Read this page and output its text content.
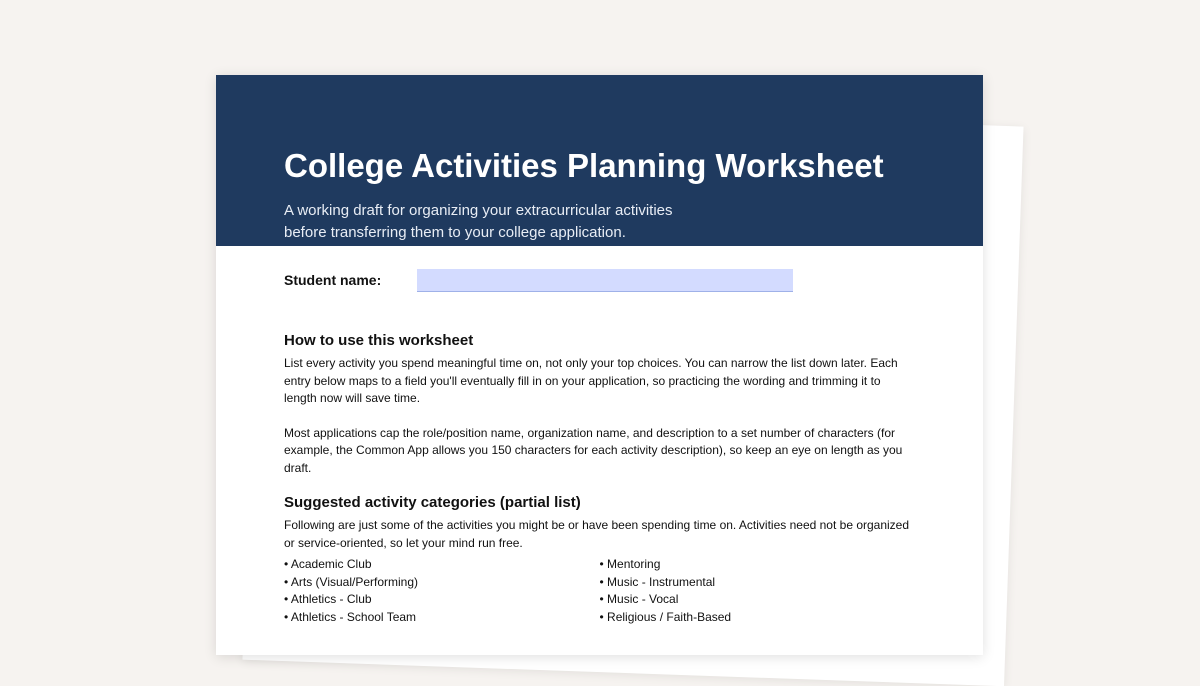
College Activities Planning Worksheet
A working draft for organizing your extracurricular activities
before transferring them to your college application.
Student name:
How to use this worksheet

List every activity you spend meaningful time on, not only your top choices. You can narrow the list down later. Each entry below maps to a field you'll eventually fill in on your application, so practicing the wording and trimming it to length now will save time.

Most applications cap the role/position name, organization name, and description to a set number of characters (for example, the Common App allows you 150 characters for each activity description), so keep an eye on length as you draft.

Suggested activity categories (partial list)

Following are just some of the activities you might be or have been spending time on. Activities need not be organized or service-oriented, so let your mind run free.

• Academic Club
• Arts (Visual/Performing)
• Athletics - Club
• Athletics - School Team
• Mentoring
• Music - Instrumental
• Music - Vocal
• Religious / Faith-Based
